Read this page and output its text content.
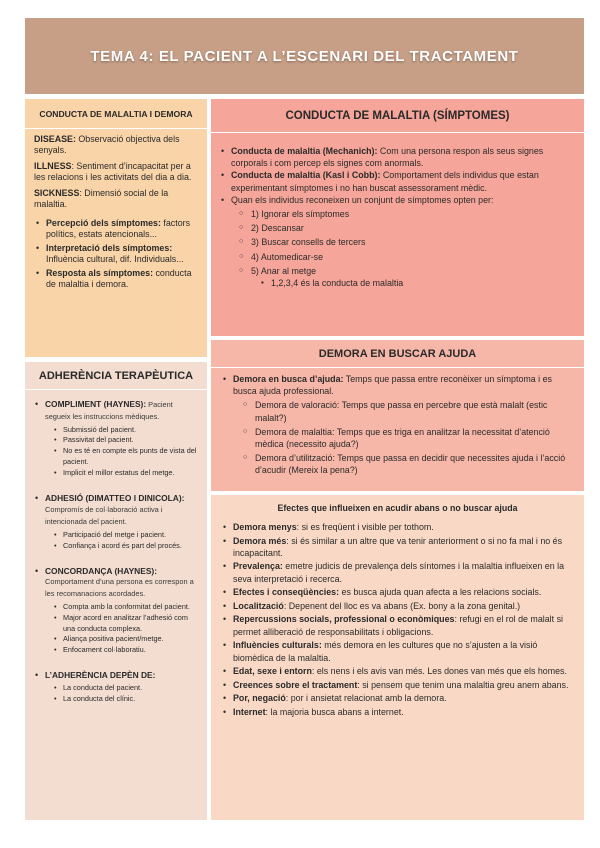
TEMA 4: EL PACIENT A L’ESCENARI DEL TRACTAMENT
CONDUCTA DE MALALTIA I DEMORA

DISEASE: Observació objectiva dels senyals.

ILLNESS: Sentiment d’incapacitat per a les relacions i les activitats del dia a dia.

SICKNESS: Dimensió social de la malaltia.

• Percepció dels símptomes: factors polítics, estats atencionals...
• Interpretació dels símptomes: Influència cultural, dif. Individuals...
• Resposta als símptomes: conducta de malaltia i demora.
CONDUCTA DE MALALTIA (SÍMPTOMES)
• Conducta de malaltia (Mechanich): Com una persona respon als seus signes corporals i com percep els signes com anormals.
• Conducta de malaltia (Kasl i Cobb): Comportament dels individus que estan experimentant símptomes i no han buscat assessorament mèdic.
• Quan els individus reconeixen un conjunt de símptomes opten per:
○ 1) Ignorar els símptomes
○ 2) Descansar
○ 3) Buscar consells de tercers
○ 4) Automedicar-se
○ 5) Anar al metge
▪ 1,2,3,4 és la conducta de malaltia
ADHERÈNCIA TERAPÈUTICA
• COMPLIMENT (HAYNES): Pacient segueix les instruccions mèdiques.
• Submissió del pacient.
• Passivitat del pacient.
• No es té en compte els punts de vista del pacient.
• Implicit el millor estatus del metge.
• ADHESIÓ (DIMATTEO I DINICOLA): Compromís de col·laboració activa i intencionada del pacient.
• Participació del metge i pacient.
• Confiança i acord és part del procés.
• CONCORDANÇA (HAYNES):
Comportament d’una persona es correspon a les recomanacions acordades.
• Compta amb la conformitat del pacient.
• Major acord en analitzar l’adhesió com una conducta complexa.
• Aliança positiva pacient/metge.
• Enfocament col·laboratiu.
• L’ADHERÈNCIA DEPÈN DE:
• La conducta del pacient.
• La conducta del clínic.
DEMORA EN BUSCAR AJUDA
• Demora en busca d’ajuda: Temps que passa entre reconèixer un símptoma i es busca ajuda professional.
○ Demora de valoració: Temps que passa en percebre que està malalt (estic malalt?)
○ Demora de malaltia: Temps que es triga en analitzar la necessitat d’atenció mèdica (necessito ajuda?)
○ Demora d’utilització: Temps que passa en decidir que necessites ajuda i l’acció d’acudir (Mereix la pena?)
Efectes que influeixen en acudir abans o no buscar ajuda
• Demora menys: si es freqüent i visible per tothom.
• Demora més: si és similar a un altre que va tenir anteriorment o si no fa mal i no és incapacitant.
• Prevalença: emetre judicis de prevalença dels síntomes i la malaltia influeixen en la seva interpretació i recerca.
• Efectes i conseqüències: es busca ajuda quan afecta a les relacions socials.
• Localització: Depenent del lloc es va abans (Ex. bony a la zona genital.)
• Repercussions socials, professional o econòmiques: refugi en el rol de malalt si permet alliberació de responsabilitats i obligacions.
• Influències culturals: més demora en les cultures que no s’ajusten a la visió biomèdica de la malaltia.
• Edat, sexe i entorn: els nens i els avis van més. Les dones van més que els homes.
• Creences sobre el tractament: si pensem que tenim una malaltia greu anem abans.
• Por, negació: por i ansietat relacionat amb la demora.
• Internet: la majoria busca abans a internet.
